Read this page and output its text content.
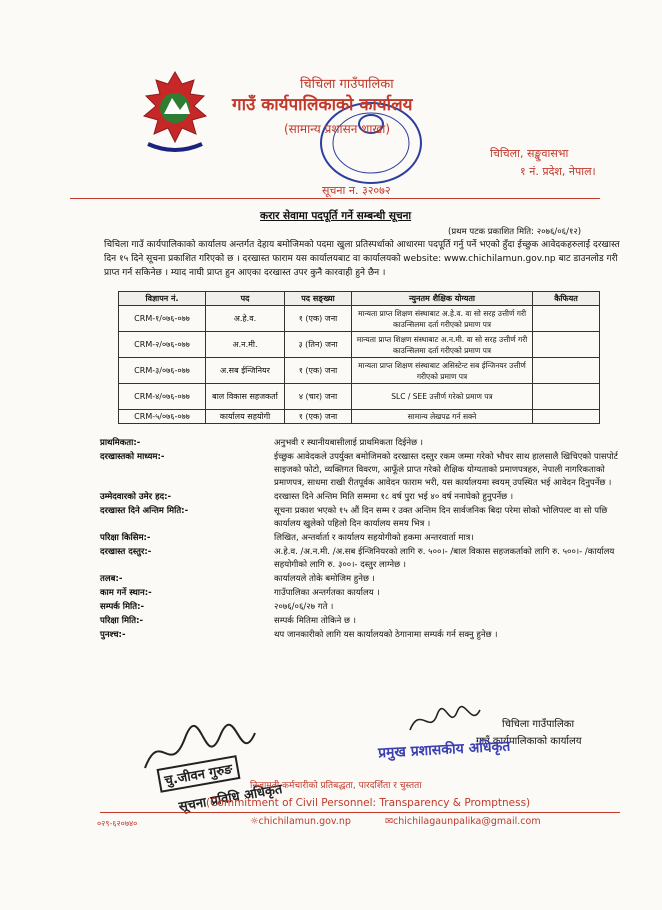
चिचिला गाउँपालिका
गाउँ कार्यपालिकाको कार्यालय
(सामान्य प्रशासन शाखा)
चिचिला, सङ्खुवासभा
१ नं. प्रदेश, नेपाल।
सूचना न. ३२०७२
करार सेवामा पदपूर्ति गर्ने सम्बन्धी सूचना
(प्रथम पटक प्रकाशित मिति: २०७६/०६/१२)
चिचिला गाउँ कार्यपालिकाको कार्यालय अन्तर्गत देहाय बमोजिमको पदमा खुला प्रतिस्पर्धाको आधारमा पदपूर्ति गर्नु पर्ने भएको हुँदा ईच्छुक आवेदकहरुलाई दरखास्त दिन १५ दिने सूचना प्रकाशित गरिएको छ । दरखास्त फाराम यस कार्यालयबाट वा कार्यालयको website: www.chichilamun.gov.np बाट डाउनलोड गरी प्राप्त गर्न सकिनेछ । म्याद नाघी प्राप्त हुन आएका दरखास्त उपर कुनै कारवाही हुने छैन ।
विज्ञापन नं.	पद	पद सङ्ख्या	न्युनतम शैक्षिक योग्यता	कैफियत
CRM-१/०७६-०७७	अ.हे.व.	१ (एक) जना	मान्यता प्राप्त शिक्षण संस्थाबाट अ.हे.व. वा सो सरह उत्तीर्ण गरी काउन्सिलमा दर्ता गरीएको प्रमाण पत्र	
CRM-२/०७६-०७७	अ.न.मी.	३ (तिन) जना	मान्यता प्राप्त शिक्षण संस्थाबाट अ.न.मी. वा सो सरह उत्तीर्ण गरी काउन्सिलमा दर्ता गरीएको प्रमाण पत्र	
CRM-३/०७६-०७७	अ.सब ईन्जिनियर	१ (एक) जना	मान्यता प्राप्त शिक्षण संस्थाबाट असिस्टेन्ट सब ईन्जिनयर उत्तीर्ण गरीएको प्रमाण पत्र	
CRM-४/०७६-०७७	बाल विकास सहजकर्ता	४ (चार) जना	SLC / SEE उत्तीर्ण गरेको प्रमाण पत्र	
CRM-५/०७६-०७७	कार्यालय सहयोगी	१ (एक) जना	सामान्य लेखपढ गर्न सक्ने	
प्राथमिकता:-	अनुभवी र स्थानीयबासीलाई प्राथमिकता दिईनेछ ।
दरखास्तको माध्यम:-	ईच्छुक आवेदकले उपर्युक्त बमोजिमको दरखास्त दस्तुर रकम जम्मा गरेको भौचर साथ हालसालै खिचिएको पासपोर्ट साइजको फोटो, व्यक्तिगत विवरण, आफूँले प्राप्त गरेको शैक्षिक योग्यताको प्रमाणपत्रहरु, नेपाली नागरिकताको प्रमाणपत्र, साधमा राखी रीतपूर्वक आवेदन फाराम भरी, यस कार्यालयमा स्वयम् उपस्थित भई आवेदन दिनुपर्नेछ ।
उम्मेदवारको उमेर हद:-	दरखास्त दिने अन्तिम मिति सम्ममा १८ वर्ष पुरा भई ४० वर्ष ननाघेको हुनुपर्नेछ ।
दरखास्त दिने अन्तिम मिति:-	सूचना प्रकाश भएको १५ औं दिन सम्म र उक्त अन्तिम दिन सार्वजनिक बिदा परेमा सोको भोलिपल्ट वा सो पछि कार्यालय खुलेको पहिलो दिन कार्यालय समय भित्र ।
परिक्षा किसिम:-	लिखित, अन्तर्वार्ता र कार्यालय सहयोगीको हकमा अन्तरवार्ता मात्र।
दरखास्त दस्तुर:-	अ.हे.व. /अ.न.मी. /अ.सब ईन्जिनियरको लागि रु. ५००।- /बाल विकास सहजकर्ताको लागि रु. ५००।- /कार्यालय सहयोगीको लागि रु. ३००।- दस्तुर लाग्नेछ ।
तलब:-	कार्यालयले तोके बमोजिम हुनेछ ।
काम गर्ने स्थान:-	गाउँपालिका अन्तर्गतका कार्यालय ।
सम्पर्क मिति:-	२०७६/०६/२७ गते ।
परिक्षा मिति:-	सम्पर्क मितिमा तोकिने छ ।
पुनश्च:-	थप जानकारीको लागि यस कार्यालयको ठेगानामा सम्पर्क गर्न सक्नु हुनेछ ।
चिचिला गाउँपालिका
गाउँ कार्यपालिकाको कार्यालय
प्रमुख प्रशासकीय अधिकृत
चु.जीवन गुरुङ
सूचना प्रविधि अधिकृत
निजामती कर्मचारीको प्रतिबद्धता, पारदर्शिता र चुस्तता
(Commitment of Civil Personnel: Transparency & Promptness)
०२९-६२०७४०	☼chichilamun.gov.np	✉chichilagaunpalika@gmail.com
